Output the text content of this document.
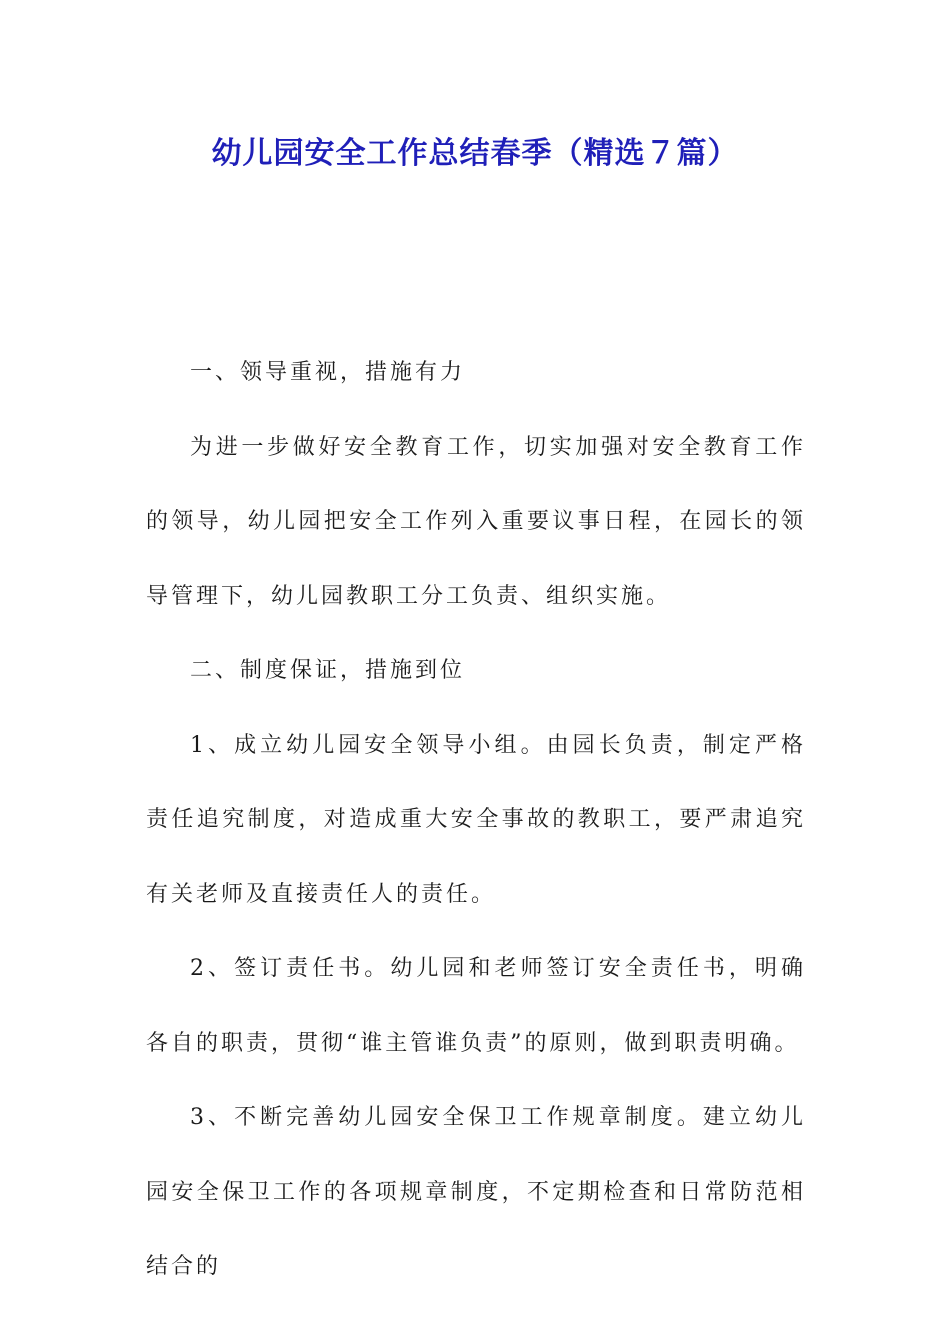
幼儿园安全工作总结春季（精选７篇）

一、领导重视，措施有力

为进一步做好安全教育工作，切实加强对安全教育工作的领导，幼儿园把安全工作列入重要议事日程，在园长的领导管理下，幼儿园教职工分工负责、组织实施。

二、制度保证，措施到位

1、成立幼儿园安全领导小组。由园长负责，制定严格责任追究制度，对造成重大安全事故的教职工，要严肃追究有关老师及直接责任人的责任。

2、签订责任书。幼儿园和老师签订安全责任书，明确各自的职责，贯彻“谁主管谁负责”的原则，做到职责明确。

3、不断完善幼儿园安全保卫工作规章制度。建立幼儿园安全保卫工作的各项规章制度，不定期检查和日常防范相结合的
